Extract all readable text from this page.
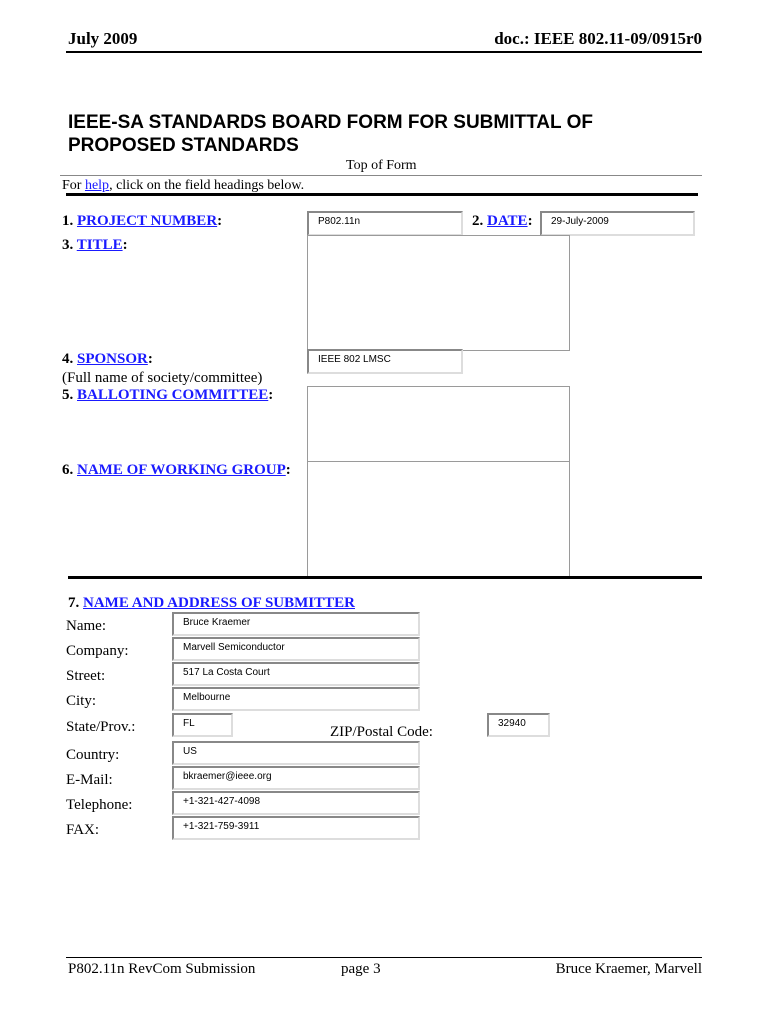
July 2009	doc.: IEEE 802.11-09/0915r0
IEEE-SA STANDARDS BOARD FORM FOR SUBMITTAL OF
PROPOSED STANDARDS
Top of Form
For help, click on the field headings below.
1. PROJECT NUMBER:	P802.11n	2. DATE:	29-July-2009
3. TITLE:
4. SPONSOR:
(Full name of society/committee)
IEEE 802 LMSC
5. BALLOTING COMMITTEE:
6. NAME OF WORKING GROUP:
7. NAME AND ADDRESS OF SUBMITTER
Name:	Bruce Kraemer
Company:	Marvell Semiconductor
Street:	517 La Costa Court
City:	Melbourne
State/Prov.:	FL
ZIP/Postal Code:
32940
Country:	US
E-Mail:	bkraemer@ieee.org
Telephone:	+1-321-427-4098
FAX:	+1-321-759-3911
P802.11n RevCom Submission	page 3	Bruce Kraemer, Marvell
